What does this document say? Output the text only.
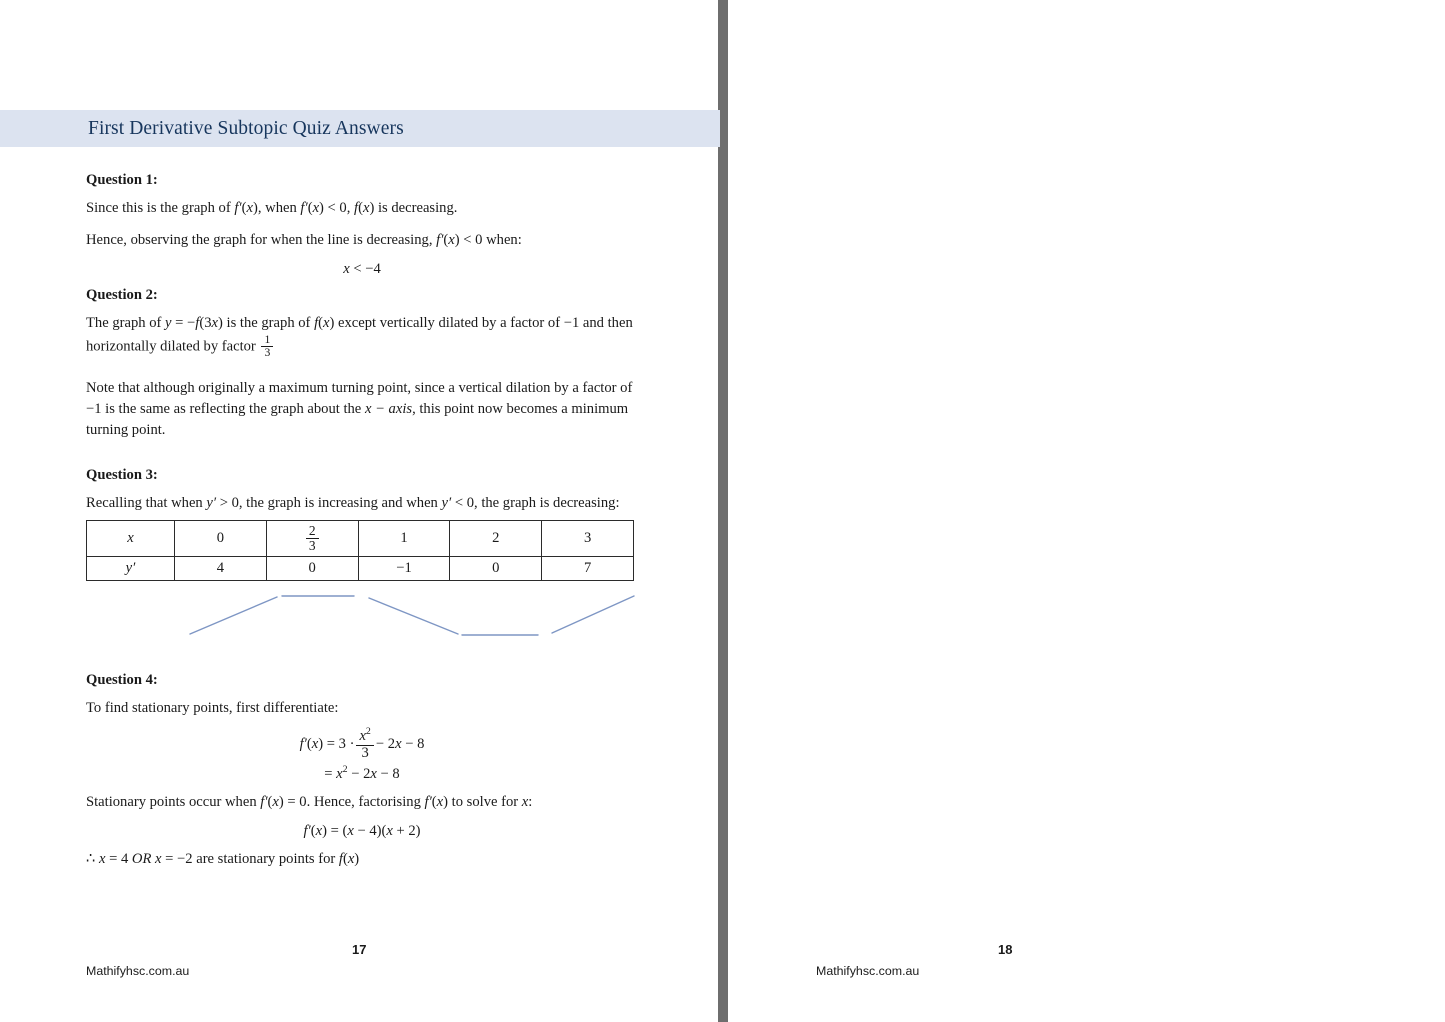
First Derivative Subtopic Quiz Answers
Question 1:

Since this is the graph of f′(x), when f′(x) < 0, f(x) is decreasing.

Hence, observing the graph for when the line is decreasing, f′(x) < 0 when:

x < −4
Question 2:

The graph of y = −f(3x) is the graph of f(x) except vertically dilated by a factor of −1 and then horizontally dilated by factor $\frac{1}{3}$

Note that although originally a maximum turning point, since a vertical dilation by a factor of −1 is the same as reflecting the graph about the x − axis, this point now becomes a minimum turning point.

Question 3:

Recalling that when y′ > 0, the graph is increasing and when y′ < 0, the graph is decreasing:

x	0	$\frac{2}{3}$	1	2	3
y′	4	0	−1	0	7
Question 4:

To find stationary points, first differentiate:

$f'(x) = 3 \cdot \frac{x^2}{3} - 2x - 8$
= $x^2 - 2x - 8$

Stationary points occur when f′(x) = 0. Hence, factorising f′(x) to solve for x:

f′(x) = (x − 4)(x + 2)

∴ x = 4 OR x = −2 are stationary points for f(x)

17
Mathifyhsc.com.au

18
Mathifyhsc.com.au
